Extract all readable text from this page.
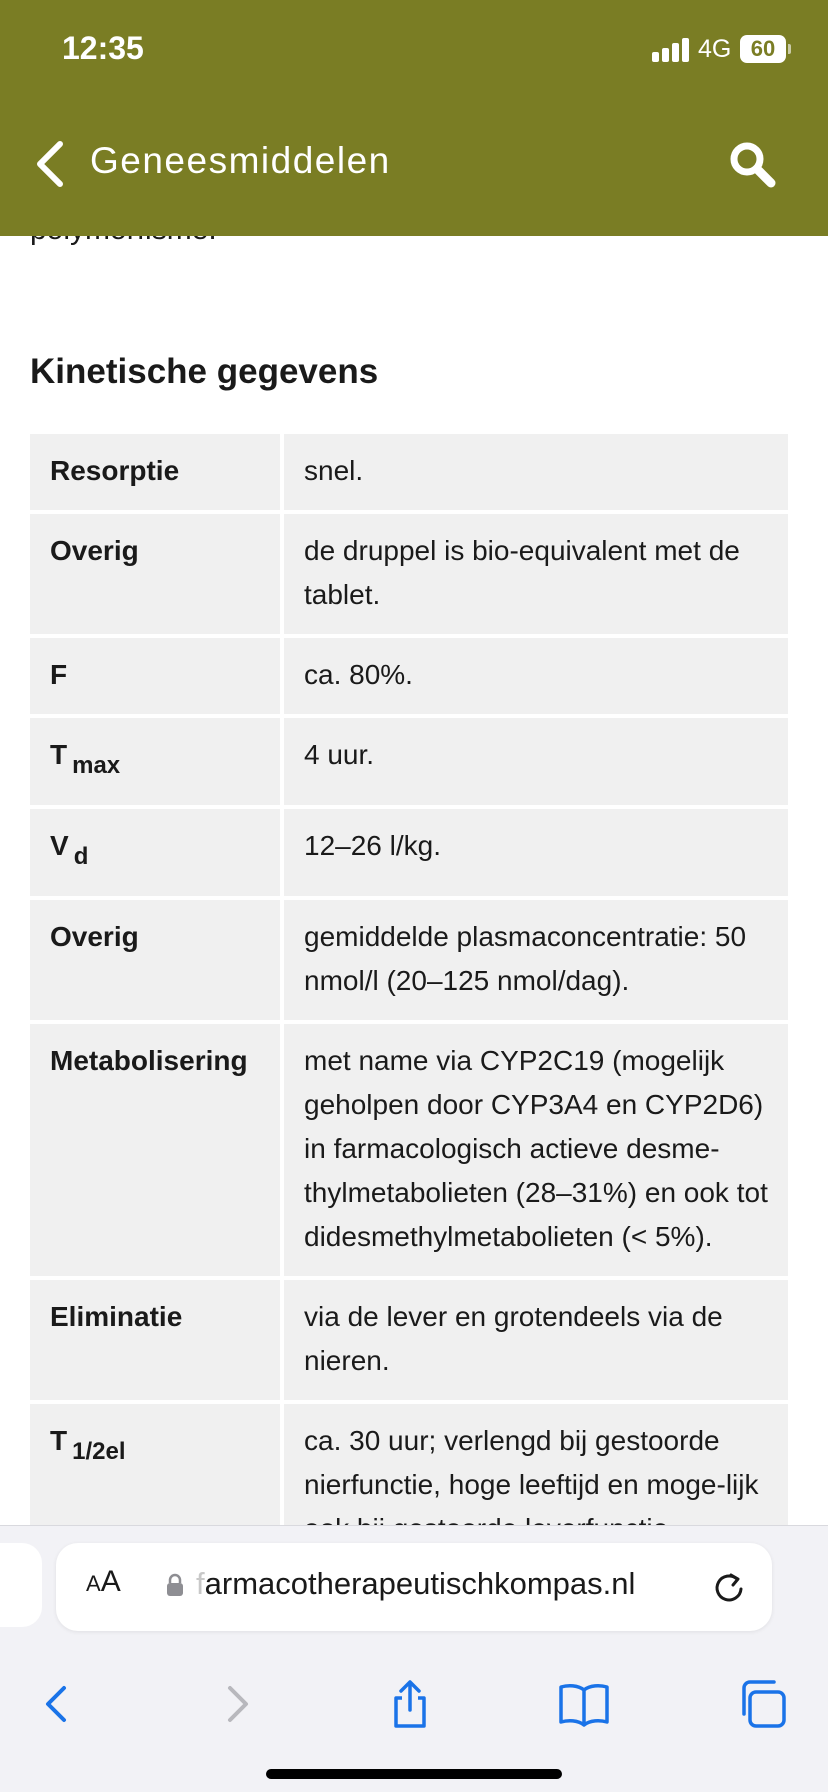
Kinetische gegevens
Resorptie	snel.
Overig	de druppel is bio-equivalent met de tablet.
F	ca. 80%.
T max	4 uur.
V d	12–26 l/kg.
Overig	gemiddelde plasmaconcentratie: 50 nmol/l (20–125 nmol/dag).
Metabolisering	met name via CYP2C19 (mogelijk geholpen door CYP3A4 en CYP2D6) in farmacologisch actieve desme-thylmetabolieten (28–31%) en ook tot didesmethylmetabolieten (< 5%).
Eliminatie	via de lever en grotendeels via de nieren.
T 1/2el	ca. 30 uur; verlengd bij gestoorde nierfunctie, hoge leeftijd en moge-lijk
12:35	4G 60
Geneesmiddelen
AA farmacotherapeutischkompas.nl
